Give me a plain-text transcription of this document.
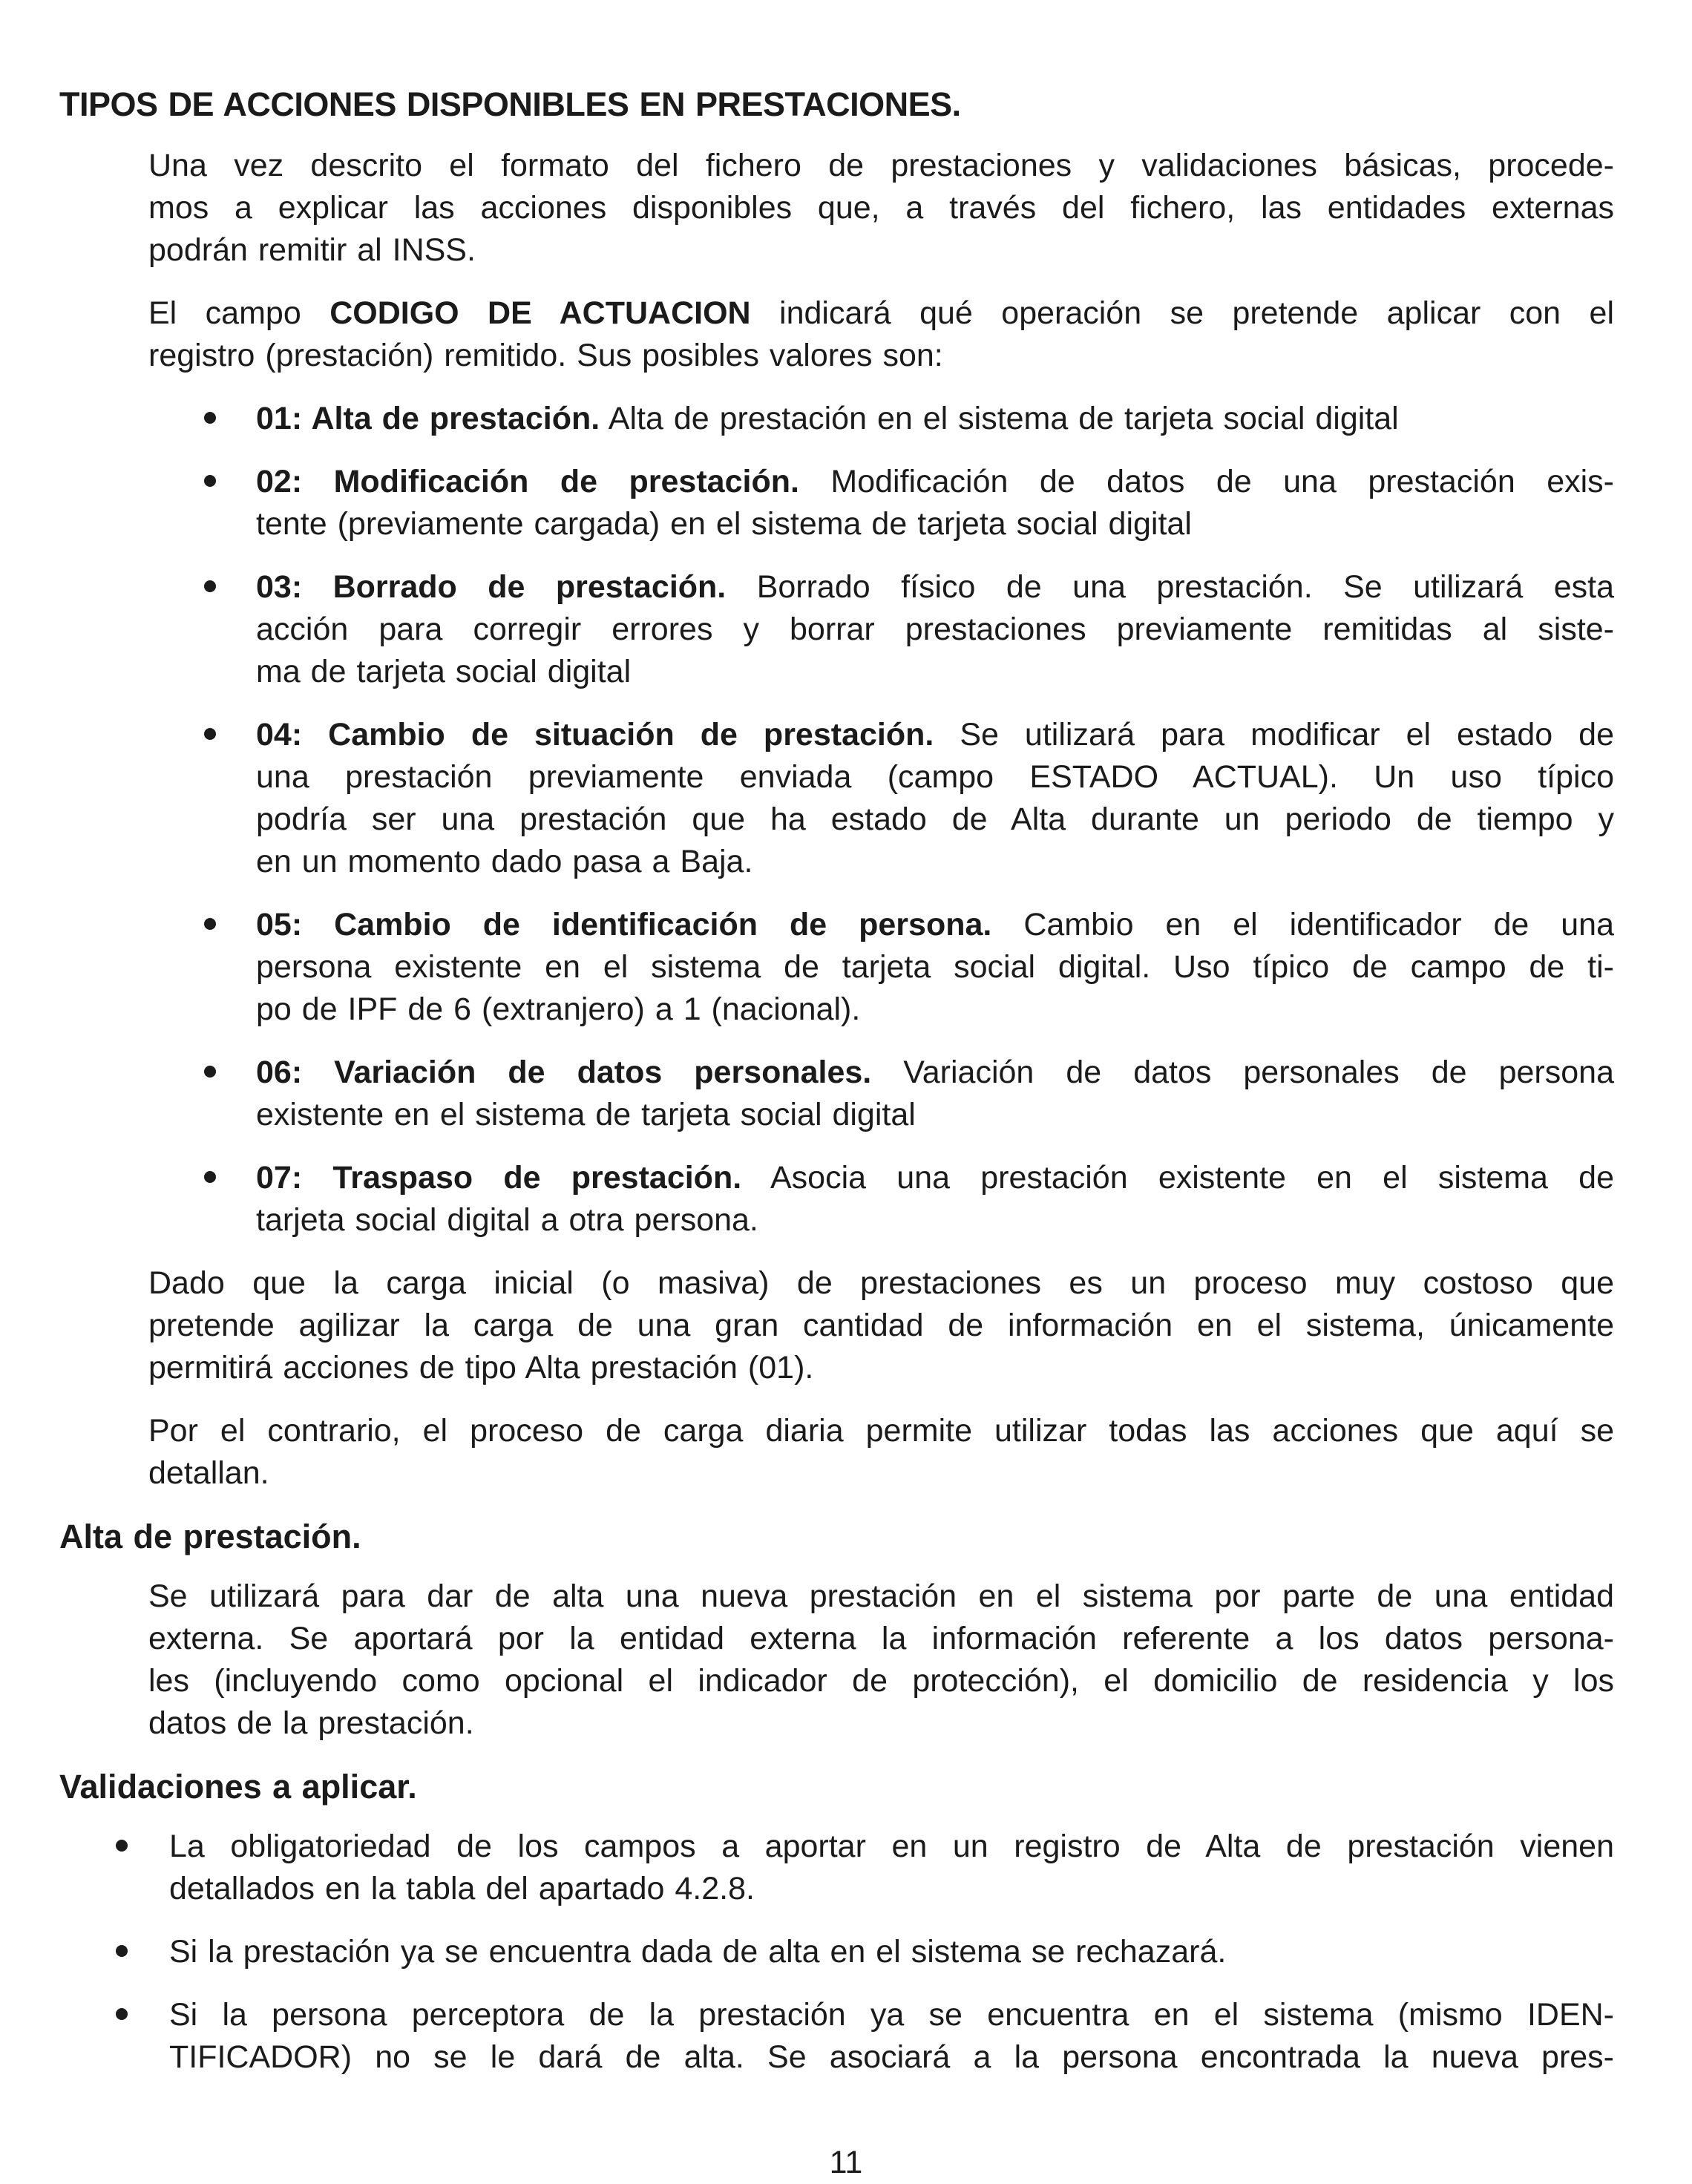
TIPOS DE ACCIONES DISPONIBLES EN PRESTACIONES.

Una vez descrito el formato del fichero de prestaciones y validaciones básicas, procede-
mos a explicar las acciones disponibles que, a través del fichero, las entidades externas
podrán remitir al INSS.

El campo CODIGO DE ACTUACION indicará qué operación se pretende aplicar con el
registro (prestación) remitido. Sus posibles valores son:

01: Alta de prestación. Alta de prestación en el sistema de tarjeta social digital
02: Modificación de prestación. Modificación de datos de una prestación exis-
tente (previamente cargada) en el sistema de tarjeta social digital
03: Borrado de prestación. Borrado físico de una prestación. Se utilizará esta
acción para corregir errores y borrar prestaciones previamente remitidas al siste-
ma de tarjeta social digital
04: Cambio de situación de prestación. Se utilizará para modificar el estado de
una prestación previamente enviada (campo ESTADO ACTUAL). Un uso típico
podría ser una prestación que ha estado de Alta durante un periodo de tiempo y
en un momento dado pasa a Baja.
05: Cambio de identificación de persona. Cambio en el identificador de una
persona existente en el sistema de tarjeta social digital. Uso típico de campo de ti-
po de IPF de 6 (extranjero) a 1 (nacional).
06: Variación de datos personales. Variación de datos personales de persona
existente en el sistema de tarjeta social digital
07: Traspaso de prestación. Asocia una prestación existente en el sistema de
tarjeta social digital a otra persona.

Dado que la carga inicial (o masiva) de prestaciones es un proceso muy costoso que
pretende agilizar la carga de una gran cantidad de información en el sistema, únicamente
permitirá acciones de tipo Alta prestación (01).

Por el contrario, el proceso de carga diaria permite utilizar todas las acciones que aquí se
detallan.

Alta de prestación.

Se utilizará para dar de alta una nueva prestación en el sistema por parte de una entidad
externa. Se aportará por la entidad externa la información referente a los datos persona-
les (incluyendo como opcional el indicador de protección), el domicilio de residencia y los
datos de la prestación.

Validaciones a aplicar.
La obligatoriedad de los campos a aportar en un registro de Alta de prestación vienen
detallados en la tabla del apartado 4.2.8.
Si la prestación ya se encuentra dada de alta en el sistema se rechazará.
Si la persona perceptora de la prestación ya se encuentra en el sistema (mismo IDEN-
TIFICADOR) no se le dará de alta. Se asociará a la persona encontrada la nueva pres-
11
